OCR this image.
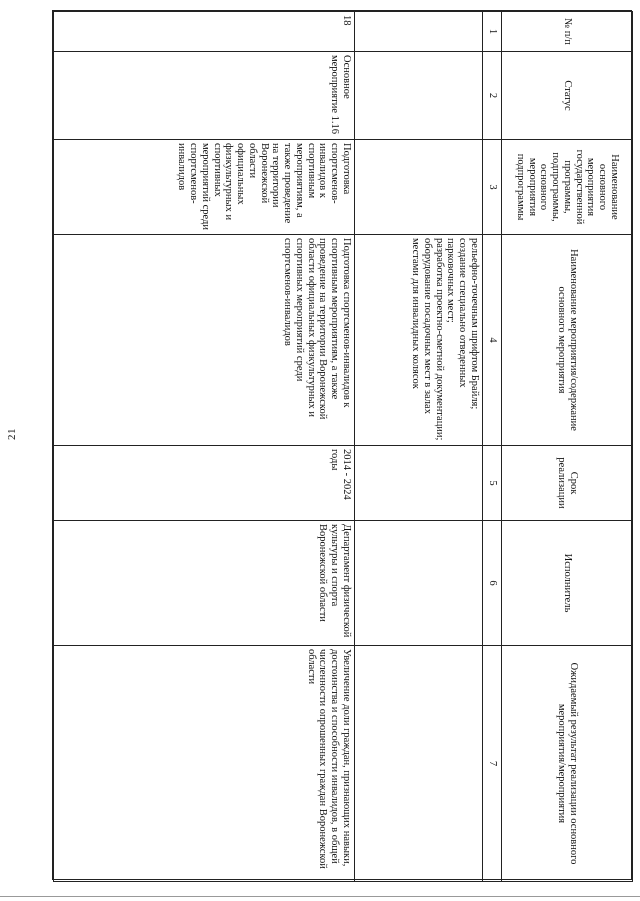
21
№ п/п	Статус	Наименование основного мероприятия государственной программы, подпрограммы, основного мероприятия подпрограммы	Наименование мероприятия/содержание основного мероприятия	Срок реализации	Исполнитель	Ожидаемый результат реализации основного мероприятия/мероприятия
1	2	3	4	5	6	7
			рельефно-точечным шрифтом Брайля;
создание специально отведенных парковочных мест;
разработка проектно-сметной документации;
оборудование посадочных мест в залах местами для инвалидных колясок			
18	Основное мероприятие 1.16	Подготовка спортсменов-инвалидов к спортивным мероприятиям, а также проведение на территории Воронежской области официальных физкультурных и спортивных мероприятий среди спортсменов-инвалидов	Подготовка спортсменов-инвалидов к спортивным мероприятиям, а также проведение на территории Воронежской области официальных физкультурных и спортивных мероприятий среди спортсменов-инвалидов	2014 - 2024 годы	Департамент физической культуры и спорта Воронежской области	Увеличение доли граждан, признающих навыки, достоинства и способности инвалидов, в общей численности опрошенных граждан Воронежской области
